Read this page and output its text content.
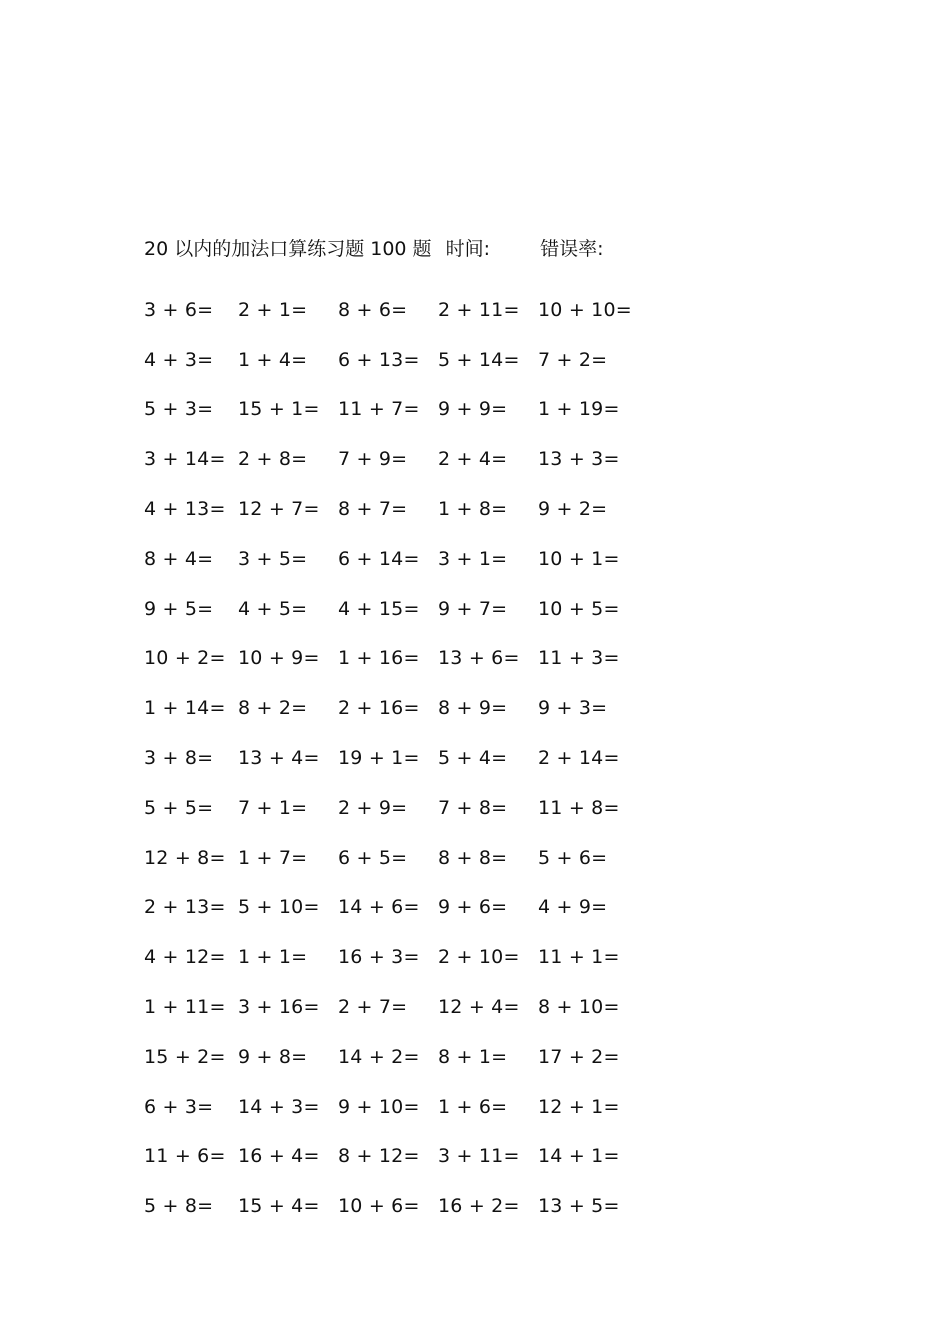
20 以内的加法口算练习题 100 题 时间:	错误率:
3 + 6=	2 + 1=	8 + 6=	2 + 11= 10 + 10=
4 + 3=	1 + 4=	6 + 13= 5 + 14= 7 + 2=
5 + 3=	15 + 1= 11 + 7= 9 + 9=	1 + 19=
3 + 14= 2 + 8=	7 + 9=	2 + 4=	13 + 3=
4 + 13= 12 + 7= 8 + 7=	1 + 8=	9 + 2=
8 + 4=	3 + 5=	6 + 14= 3 + 1=	10 + 1=
9 + 5=	4 + 5=	4 + 15= 9 + 7=	10 + 5=
10 + 2= 10 + 9= 1 + 16= 13 + 6= 11 + 3=
1 + 14= 8 + 2=	2 + 16= 8 + 9=	9 + 3=
3 + 8=	13 + 4= 19 + 1= 5 + 4=	2 + 14=
5 + 5=	7 + 1=	2 + 9=	7 + 8=	11 + 8=
12 + 8= 1 + 7=	6 + 5=	8 + 8=	5 + 6=
2 + 13= 5 + 10= 14 + 6= 9 + 6=	4 + 9=
4 + 12= 1 + 1=	16 + 3= 2 + 10= 11 + 1=
1 + 11= 3 + 16= 2 + 7=	12 + 4= 8 + 10=
15 + 2= 9 + 8=	14 + 2= 8 + 1=	17 + 2=
6 + 3=	14 + 3= 9 + 10= 1 + 6=	12 + 1=
11 + 6= 16 + 4= 8 + 12= 3 + 11= 14 + 1=
5 + 8=	15 + 4= 10 + 6= 16 + 2= 13 + 5=
